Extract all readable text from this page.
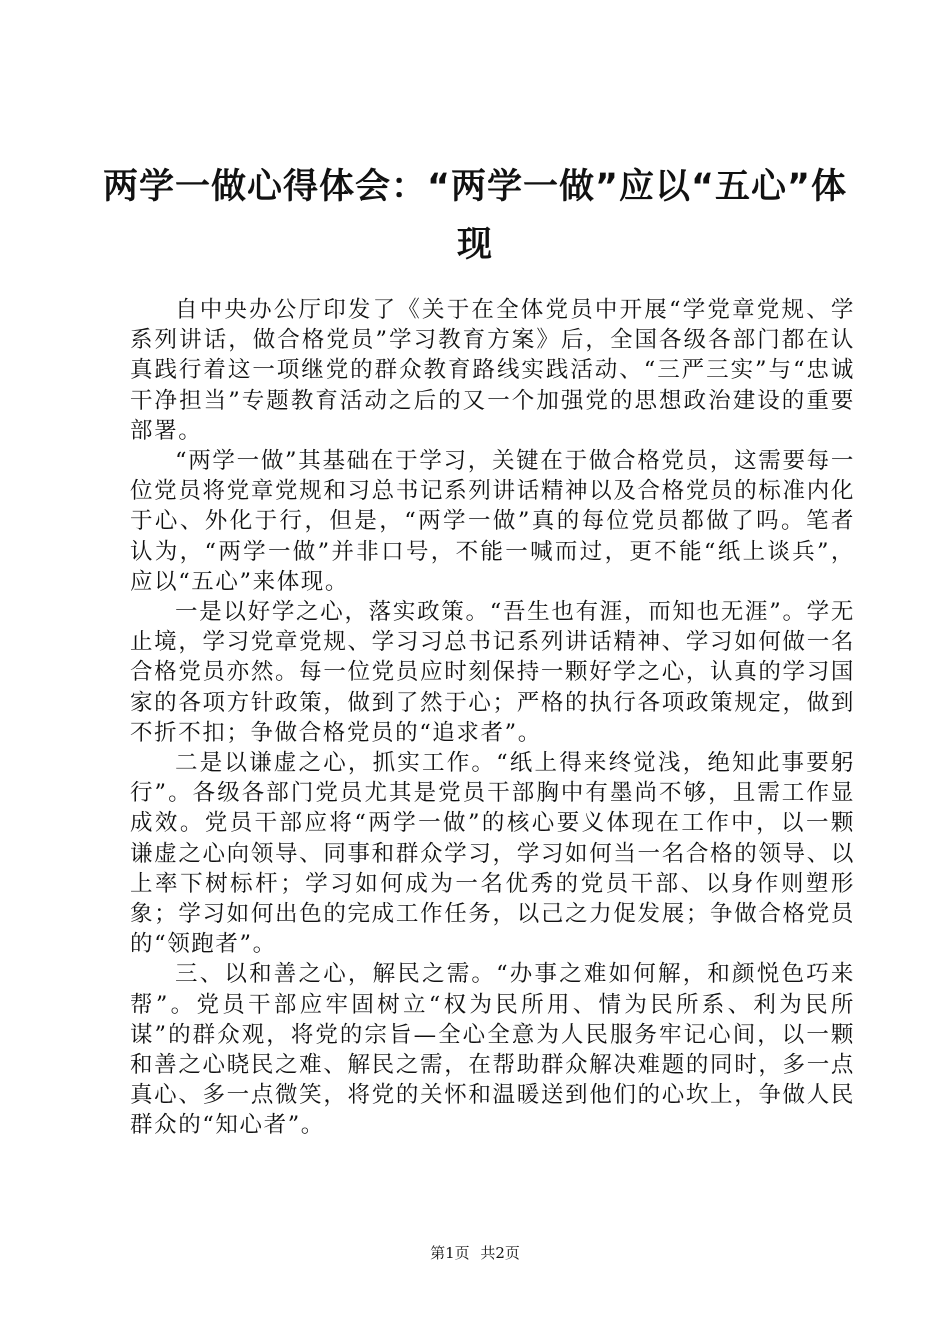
两学一做心得体会：“两学一做”应以“五心”体现

自中央办公厅印发了《关于在全体党员中开展“学党章党规、学系列讲话，做合格党员”学习教育方案》后，全国各级各部门都在认真践行着这一项继党的群众教育路线实践活动、“三严三实”与“忠诚干净担当”专题教育活动之后的又一个加强党的思想政治建设的重要部署。

“两学一做”其基础在于学习，关键在于做合格党员，这需要每一位党员将党章党规和习总书记系列讲话精神以及合格党员的标准内化于心、外化于行，但是，“两学一做”真的每位党员都做了吗。笔者认为，“两学一做”并非口号，不能一喊而过，更不能“纸上谈兵”，应以“五心”来体现。

一是以好学之心，落实政策。“吾生也有涯，而知也无涯”。学无止境，学习党章党规、学习习总书记系列讲话精神、学习如何做一名合格党员亦然。每一位党员应时刻保持一颗好学之心，认真的学习国家的各项方针政策，做到了然于心；严格的执行各项政策规定，做到不折不扣；争做合格党员的“追求者”。

二是以谦虚之心，抓实工作。“纸上得来终觉浅，绝知此事要躬行”。各级各部门党员尤其是党员干部胸中有墨尚不够，且需工作显成效。党员干部应将“两学一做”的核心要义体现在工作中，以一颗谦虚之心向领导、同事和群众学习，学习如何当一名合格的领导、以上率下树标杆；学习如何成为一名优秀的党员干部、以身作则塑形象；学习如何出色的完成工作任务，以己之力促发展；争做合格党员的“领跑者”。

三、以和善之心，解民之需。“办事之难如何解，和颜悦色巧来帮”。党员干部应牢固树立“权为民所用、情为民所系、利为民所谋”的群众观，将党的宗旨—全心全意为人民服务牢记心间，以一颗和善之心晓民之难、解民之需，在帮助群众解决难题的同时，多一点真心、多一点微笑，将党的关怀和温暖送到他们的心坎上，争做人民群众的“知心者”。

第1页 共2页
